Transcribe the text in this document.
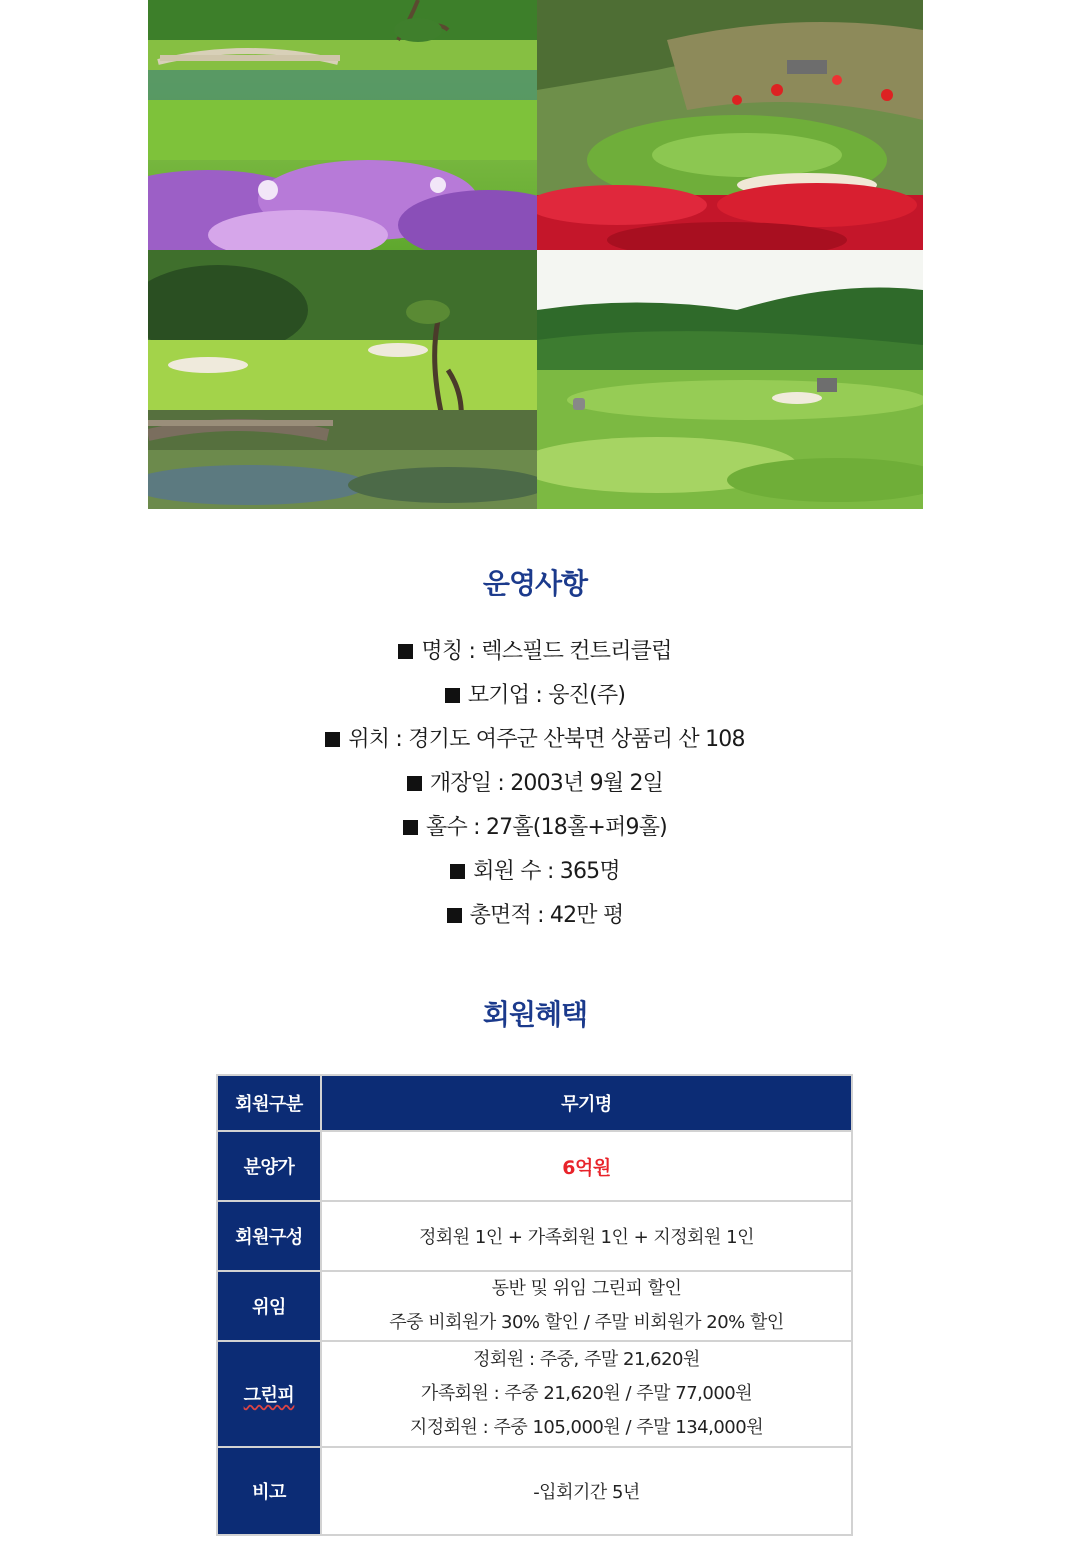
운영사항
명칭 : 렉스필드 컨트리클럽
모기업 : 웅진(주)
위치 : 경기도 여주군 산북면 상품리 산 108
개장일 : 2003년 9월 2일
홀수 : 27홀(18홀+퍼9홀)
회원 수 : 365명
총면적 : 42만 평
회원혜택
회원구분	무기명
분양가	6억원
회원구성	정회원 1인 + 가족회원 1인 + 지정회원 1인
위임	동반 및 위임 그린피 할인
주중 비회원가 30% 할인 / 주말 비회원가 20% 할인

그린피	정회원 : 주중, 주말 21,620원
가족회원 : 주중 21,620원 / 주말 77,000원
지정회원 : 주중 105,000원 / 주말 134,000원

비고	-입회기간 5년
